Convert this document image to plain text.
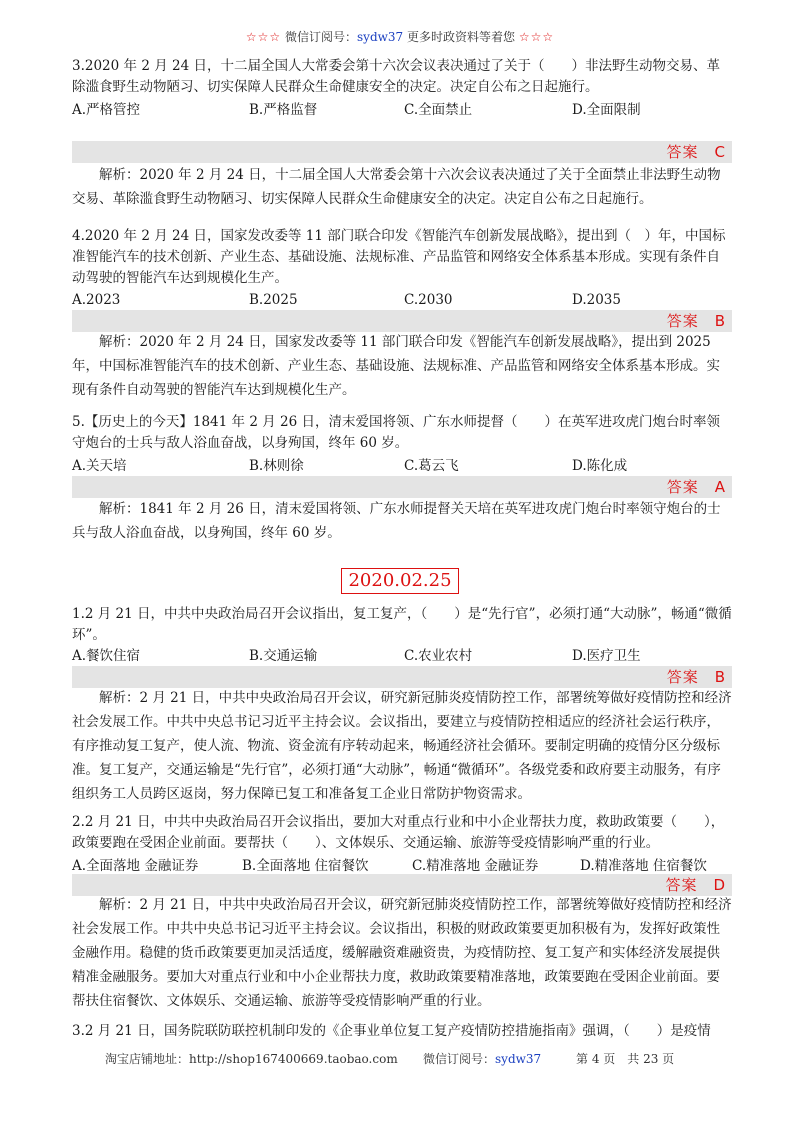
☆☆☆ 微信订阅号：sydw37 更多时政资料等着您 ☆☆☆
3.2020 年 2 月 24 日，十二届全国人大常委会第十六次会议表决通过了关于（　　）非法野生动物交易、革除滥食野生动物陋习、切实保障人民群众生命健康安全的决定。决定自公布之日起施行。
A.严格管控	B.严格监督	C.全面禁止	D.全面限制
答案　C
解析：2020 年 2 月 24 日，十二届全国人大常委会第十六次会议表决通过了关于全面禁止非法野生动物交易、革除滥食野生动物陋习、切实保障人民群众生命健康安全的决定。决定自公布之日起施行。
4.2020 年 2 月 24 日，国家发改委等 11 部门联合印发《智能汽车创新发展战略》，提出到（　）年，中国标准智能汽车的技术创新、产业生态、基础设施、法规标准、产品监管和网络安全体系基本形成。实现有条件自动驾驶的智能汽车达到规模化生产。
A.2023	B.2025	C.2030	D.2035
答案　B
解析：2020 年 2 月 24 日，国家发改委等 11 部门联合印发《智能汽车创新发展战略》，提出到 2025 年，中国标准智能汽车的技术创新、产业生态、基础设施、法规标准、产品监管和网络安全体系基本形成。实现有条件自动驾驶的智能汽车达到规模化生产。
5.【历史上的今天】1841 年 2 月 26 日，清末爱国将领、广东水师提督（　　）在英军进攻虎门炮台时率领守炮台的士兵与敌人浴血奋战，以身殉国，终年 60 岁。
A.关天培	B.林则徐	C.葛云飞	D.陈化成
答案　A
解析：1841 年 2 月 26 日，清末爱国将领、广东水师提督关天培在英军进攻虎门炮台时率领守炮台的士兵与敌人浴血奋战，以身殉国，终年 60 岁。
2020.02.25
1.2 月 21 日，中共中央政治局召开会议指出，复工复产，（　　）是“先行官”，必须打通“大动脉”，畅通“微循环”。
A.餐饮住宿	B.交通运输	C.农业农村	D.医疗卫生
答案　B
解析：2 月 21 日，中共中央政治局召开会议，研究新冠肺炎疫情防控工作，部署统筹做好疫情防控和经济社会发展工作。中共中央总书记习近平主持会议。会议指出，要建立与疫情防控相适应的经济社会运行秩序，有序推动复工复产，使人流、物流、资金流有序转动起来，畅通经济社会循环。要制定明确的疫情分区分级标准。复工复产，交通运输是“先行官”，必须打通“大动脉”，畅通“微循环”。各级党委和政府要主动服务，有序组织务工人员跨区返岗，努力保障已复工和准备复工企业日常防护物资需求。
2.2 月 21 日，中共中央政治局召开会议指出，要加大对重点行业和中小企业帮扶力度，救助政策要（　　），政策要跑在受困企业前面。要帮扶（　　）、文体娱乐、交通运输、旅游等受疫情影响严重的行业。
A.全面落地 金融证券	B.全面落地 住宿餐饮	C.精准落地 金融证券	D.精准落地 住宿餐饮
答案　D
解析：2 月 21 日，中共中央政治局召开会议，研究新冠肺炎疫情防控工作，部署统筹做好疫情防控和经济社会发展工作。中共中央总书记习近平主持会议。会议指出，积极的财政政策要更加积极有为，发挥好政策性金融作用。稳健的货币政策要更加灵活适度，缓解融资难融资贵，为疫情防控、复工复产和实体经济发展提供精准金融服务。要加大对重点行业和中小企业帮扶力度，救助政策要精准落地，政策要跑在受困企业前面。要帮扶住宿餐饮、文体娱乐、交通运输、旅游等受疫情影响严重的行业。
3.2 月 21 日，国务院联防联控机制印发的《企事业单位复工复产疫情防控措施指南》强调，（　　）是疫情
淘宝店铺地址：http://shop167400669.taobao.com 微信订阅号：sydw37	第 4 页　共 23 页
